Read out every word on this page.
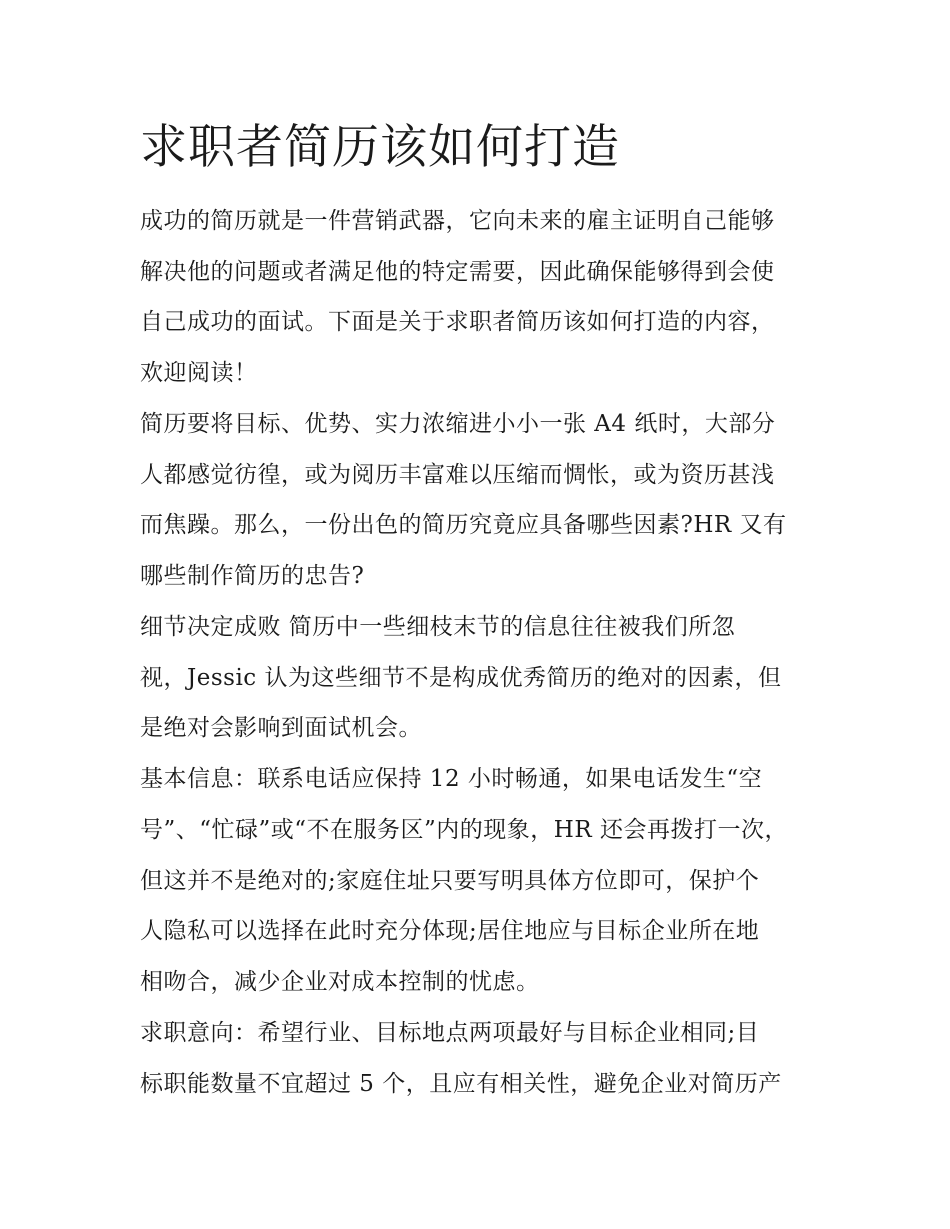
求职者简历该如何打造

成功的简历就是一件营销武器，它向未来的雇主证明自己能够

解决他的问题或者满足他的特定需要，因此确保能够得到会使

自己成功的面试。下面是关于求职者简历该如何打造的内容，

欢迎阅读！

简历要将目标、优势、实力浓缩进小小一张 A4 纸时，大部分

人都感觉彷徨，或为阅历丰富难以压缩而惆怅，或为资历甚浅

而焦躁。那么，一份出色的简历究竟应具备哪些因素?HR 又有

哪些制作简历的忠告?

细节决定成败 简历中一些细枝末节的信息往往被我们所忽

视，Jessic 认为这些细节不是构成优秀简历的绝对的因素，但

是绝对会影响到面试机会。

基本信息：联系电话应保持 12 小时畅通，如果电话发生“空

号”、“忙碌”或“不在服务区”内的现象，HR 还会再拨打一次，

但这并不是绝对的;家庭住址只要写明具体方位即可，保护个

人隐私可以选择在此时充分体现;居住地应与目标企业所在地

相吻合，减少企业对成本控制的忧虑。

求职意向：希望行业、目标地点两项最好与目标企业相同;目

标职能数量不宜超过 5 个，且应有相关性，避免企业对简历产
